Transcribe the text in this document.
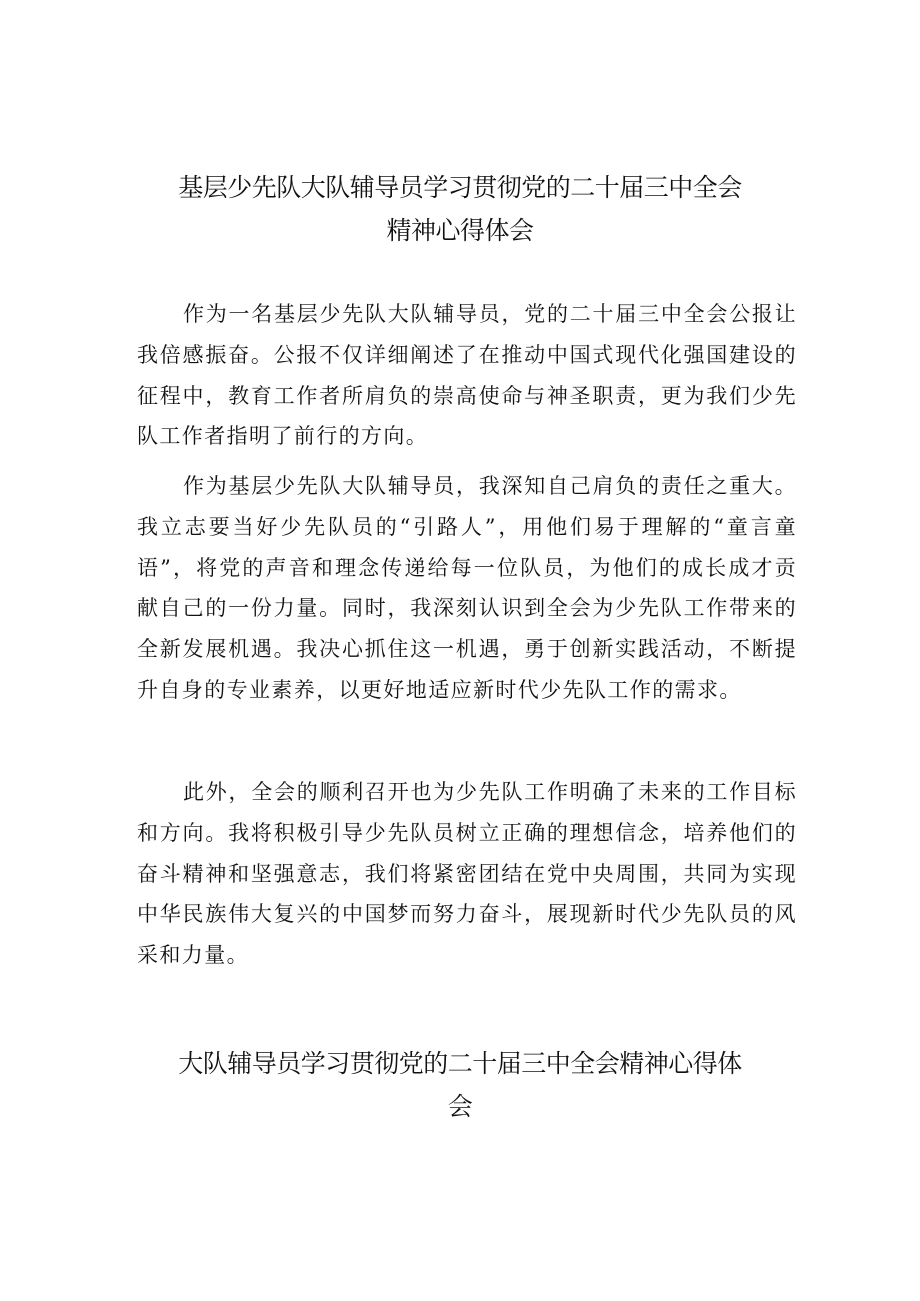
基层少先队大队辅导员学习贯彻党的二十届三中全会
精神心得体会

作为一名基层少先队大队辅导员，党的二十届三中全会公报让我倍感振奋。公报不仅详细阐述了在推动中国式现代化强国建设的征程中，教育工作者所肩负的崇高使命与神圣职责，更为我们少先队工作者指明了前行的方向。

作为基层少先队大队辅导员，我深知自己肩负的责任之重大。我立志要当好少先队员的“引路人”，用他们易于理解的“童言童语”，将党的声音和理念传递给每一位队员，为他们的成长成才贡献自己的一份力量。同时，我深刻认识到全会为少先队工作带来的全新发展机遇。我决心抓住这一机遇，勇于创新实践活动，不断提升自身的专业素养，以更好地适应新时代少先队工作的需求。

此外，全会的顺利召开也为少先队工作明确了未来的工作目标和方向。我将积极引导少先队员树立正确的理想信念，培养他们的奋斗精神和坚强意志，我们将紧密团结在党中央周围，共同为实现中华民族伟大复兴的中国梦而努力奋斗，展现新时代少先队员的风采和力量。

大队辅导员学习贯彻党的二十届三中全会精神心得体
会
